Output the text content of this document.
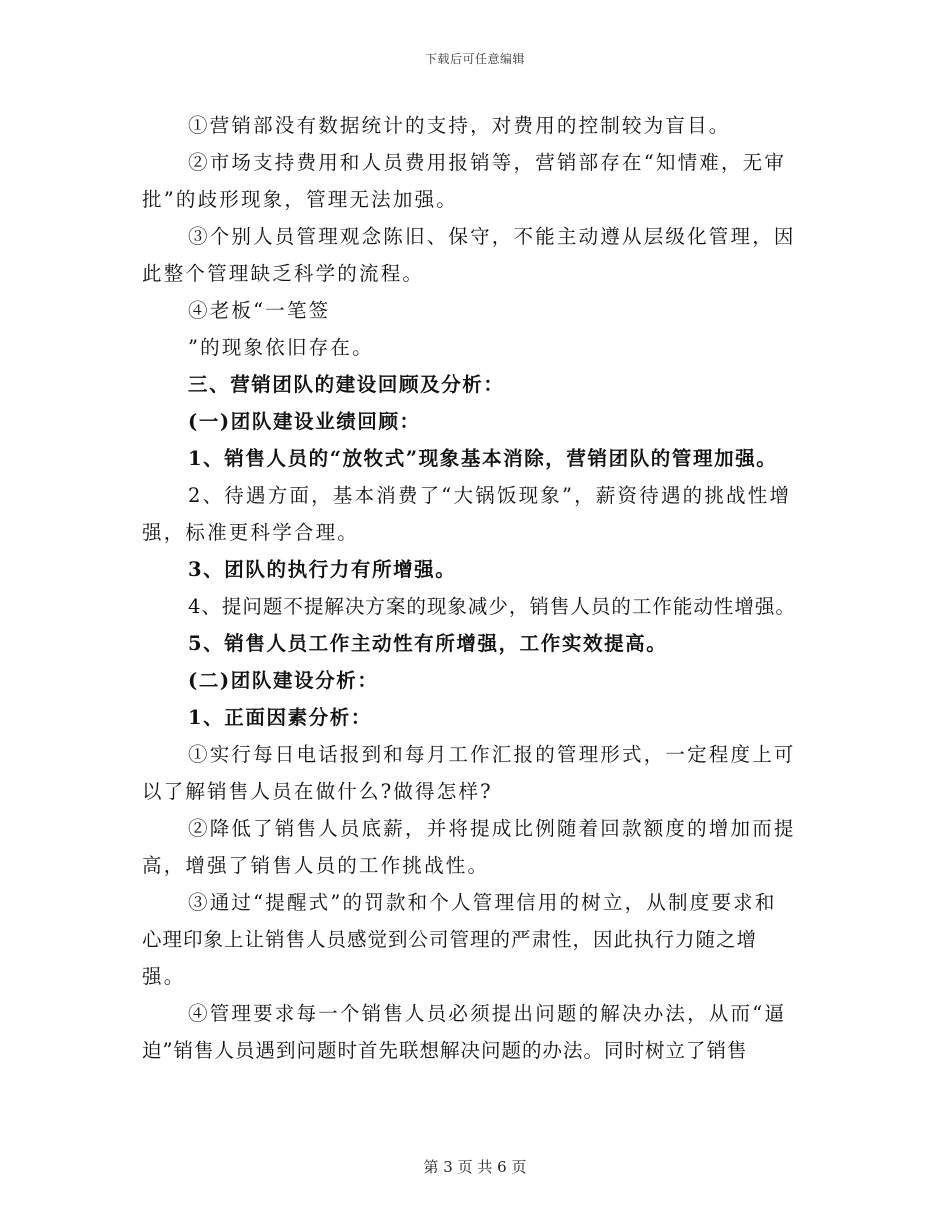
下载后可任意编辑
①营销部没有数据统计的支持，对费用的控制较为盲目。
②市场支持费用和人员费用报销等，营销部存在“知情难，无审
批”的歧形现象，管理无法加强。
③个别人员管理观念陈旧、保守，不能主动遵从层级化管理，因
此整个管理缺乏科学的流程。
④老板“一笔签
”的现象依旧存在。
三、营销团队的建设回顾及分析：
(一)团队建设业绩回顾：
1、销售人员的“放牧式”现象基本消除，营销团队的管理加强。
2、待遇方面，基本消费了“大锅饭现象”，薪资待遇的挑战性增
强，标准更科学合理。
3、团队的执行力有所增强。
4、提问题不提解决方案的现象减少，销售人员的工作能动性增强。
5、销售人员工作主动性有所增强，工作实效提高。
(二)团队建设分析：
1、正面因素分析：
①实行每日电话报到和每月工作汇报的管理形式，一定程度上可
以了解销售人员在做什么?做得怎样?
②降低了销售人员底薪，并将提成比例随着回款额度的增加而提
高，增强了销售人员的工作挑战性。
③通过“提醒式”的罚款和个人管理信用的树立，从制度要求和
心理印象上让销售人员感觉到公司管理的严肃性，因此执行力随之增
强。
④管理要求每一个销售人员必须提出问题的解决办法，从而“逼
迫”销售人员遇到问题时首先联想解决问题的办法。同时树立了销售
第 3 页 共 6 页
